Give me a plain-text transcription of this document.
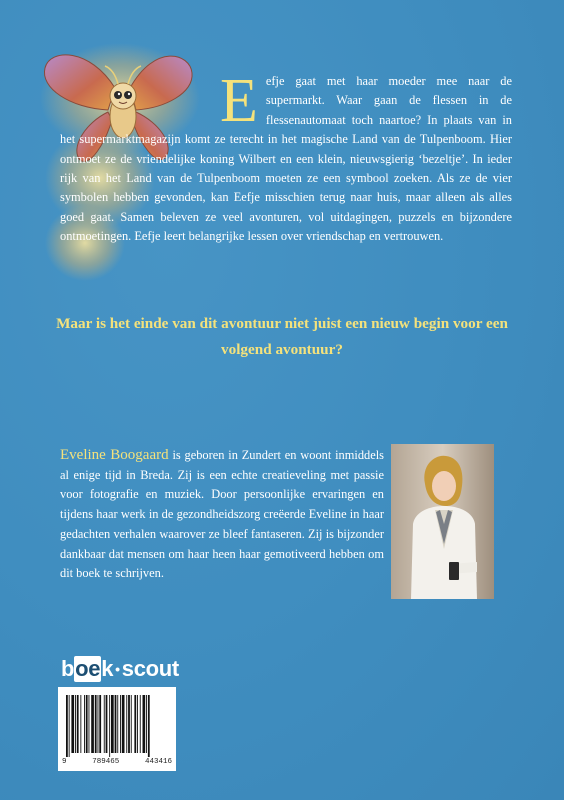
E efje gaat met haar moeder mee naar de supermarkt. Waar gaan de flessen in de flessenautomaat toch naartoe? In plaats van in het supermarktmagazijn komt ze terecht in het magische Land van de Tulpenboom. Hier ontmoet ze de vriendelijke koning Wilbert en een klein, nieuwsgierig ‘bezeltje’. In ieder rijk van het Land van de Tulpenboom moeten ze een symbool zoeken. Als ze de vier symbolen hebben gevonden, kan Eefje misschien terug naar huis, maar alleen als alles goed gaat. Samen beleven ze veel avonturen, vol uitdagingen, puzzels en bijzondere ontmoetingen. Eefje leert belangrijke lessen over vriendschap en vertrouwen.

Maar is het einde van dit avontuur niet juist een nieuw begin voor een volgend avontuur?
Eveline Boogaard is geboren in Zundert en woont inmiddels al enige tijd in Breda. Zij is een echte creatieveling met passie voor fotografie en muziek. Door persoonlijke ervaringen en tijdens haar werk in de gezondheidszorg creëerde Eveline in haar gedachten verhalen waarover ze bleef fantaseren. Zij is bijzonder dankbaar dat mensen om haar heen haar gemotiveerd hebben om dit boek te schrijven.
b oe k • scout
9	789465	443416
